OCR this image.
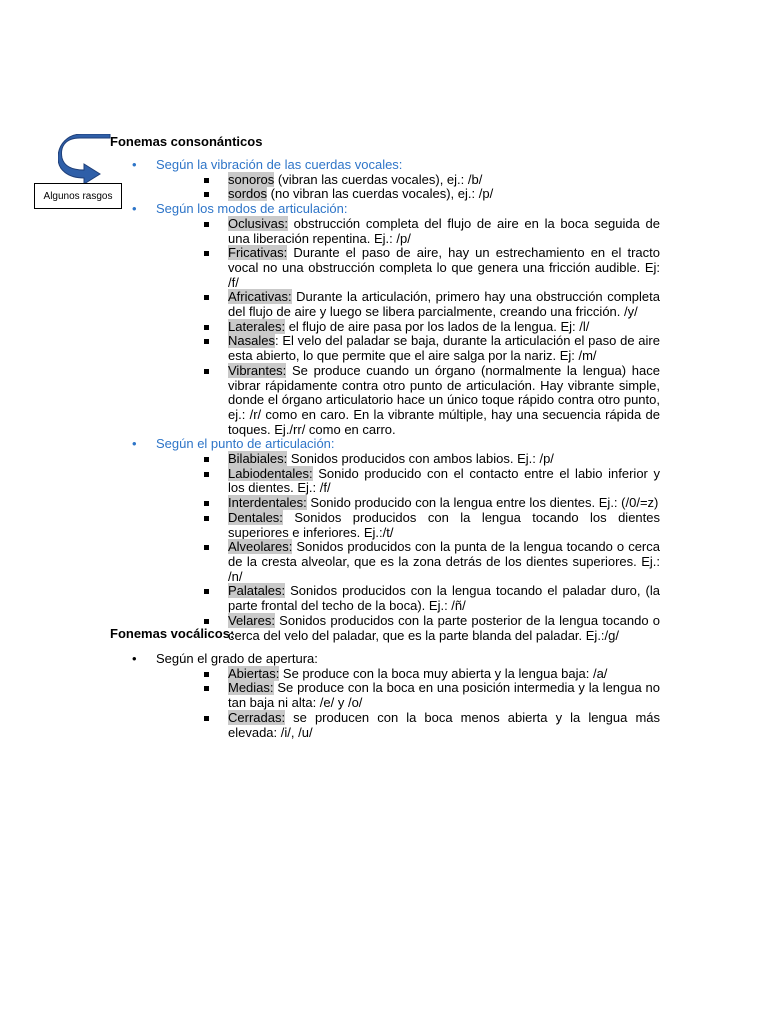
Fonemas consonánticos
Algunos rasgos
• Según la vibración de las cuerdas vocales:
sonoros (vibran las cuerdas vocales), ej.: /b/
sordos (no vibran las cuerdas vocales), ej.: /p/
• Según los modos de articulación:
Oclusivas: obstrucción completa del flujo de aire en la boca seguida de una liberación repentina. Ej.: /p/
Fricativas: Durante el paso de aire, hay un estrechamiento en el tracto vocal no una obstrucción completa lo que genera una fricción audible. Ej: /f/
Africativas: Durante la articulación, primero hay una obstrucción completa del flujo de aire y luego se libera parcialmente, creando una fricción. /y/
Laterales: el flujo de aire pasa por los lados de la lengua. Ej: /l/
Nasales: El velo del paladar se baja, durante la articulación el paso de aire esta abierto, lo que permite que el aire salga por la nariz. Ej: /m/
Vibrantes: Se produce cuando un órgano (normalmente la lengua) hace vibrar rápidamente contra otro punto de articulación. Hay vibrante simple, donde el órgano articulatorio hace un único toque rápido contra otro punto, ej.: /r/ como en caro. En la vibrante múltiple, hay una secuencia rápida de toques. Ej./rr/ como en carro.
• Según el punto de articulación:
Bilabiales: Sonidos producidos con ambos labios. Ej.: /p/
Labiodentales: Sonido producido con el contacto entre el labio inferior y los dientes. Ej.: /f/
Interdentales: Sonido producido con la lengua entre los dientes. Ej.: (/0/=z)
Dentales: Sonidos producidos con la lengua tocando los dientes superiores e inferiores. Ej.:/t/
Alveolares: Sonidos producidos con la punta de la lengua tocando o cerca de la cresta alveolar, que es la zona detrás de los dientes superiores. Ej.: /n/
Palatales: Sonidos producidos con la lengua tocando el paladar duro, (la parte frontal del techo de la boca). Ej.: /ñ/
Velares: Sonidos producidos con la parte posterior de la lengua tocando o cerca del velo del paladar, que es la parte blanda del paladar. Ej.:/g/
Fonemas vocálicos:
• Según el grado de apertura:
Abiertas: Se produce con la boca muy abierta y la lengua baja: /a/
Medias: Se produce con la boca en una posición intermedia y la lengua no tan baja ni alta: /e/ y /o/
Cerradas: se producen con la boca menos abierta y la lengua más elevada: /i/, /u/
